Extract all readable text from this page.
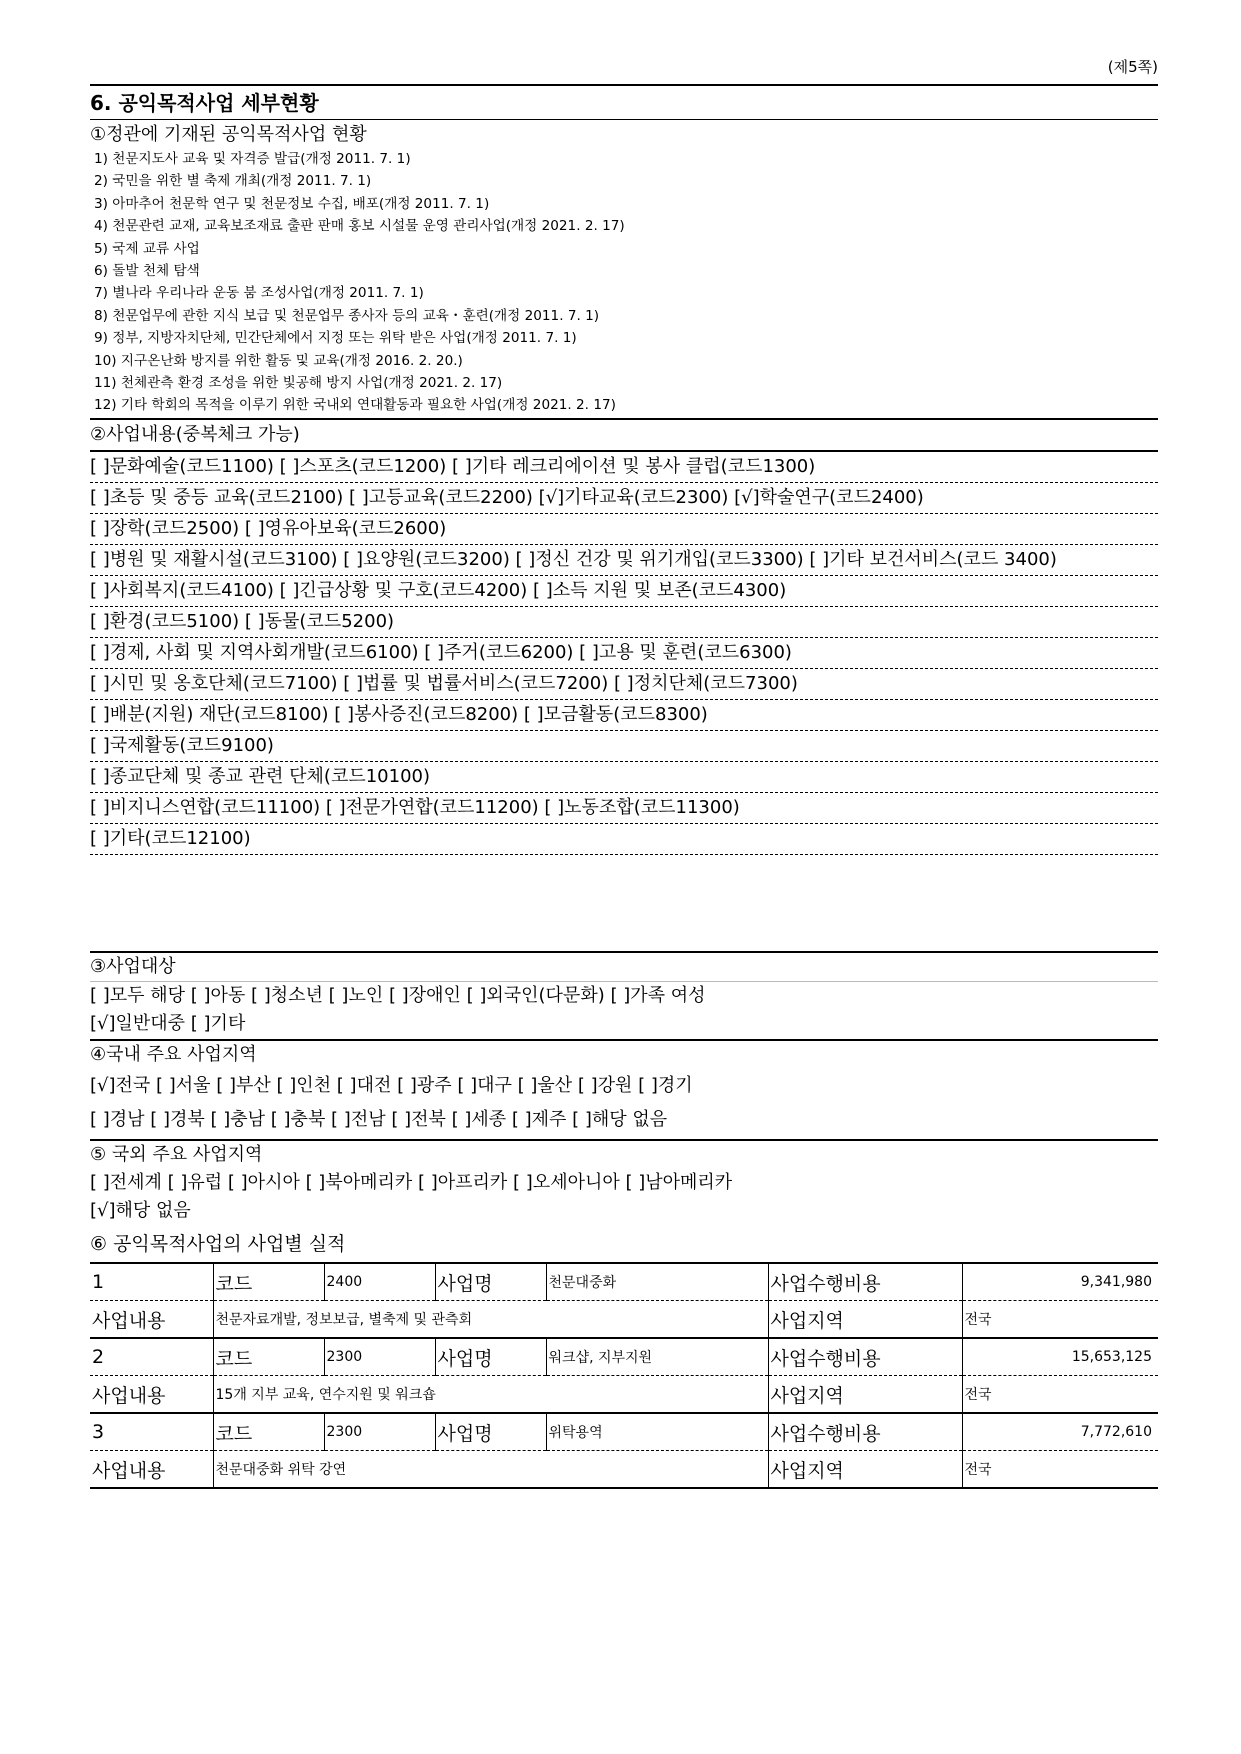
(제5쪽)
6. 공익목적사업 세부현황
①정관에 기재된 공익목적사업 현황
1) 천문지도사 교육 및 자격증 발급(개정 2011. 7. 1)
2) 국민을 위한 별 축제 개최(개정 2011. 7. 1)
3) 아마추어 천문학 연구 및 천문정보 수집, 배포(개정 2011. 7. 1)
4) 천문관련 교재, 교육보조재료 출판 판매 홍보 시설물 운영 관리사업(개정 2021. 2. 17)
5) 국제 교류 사업
6) 돌발 천체 탐색
7) 별나라 우리나라 운동 붐 조성사업(개정 2011. 7. 1)
8) 천문업무에 관한 지식 보급 및 천문업무 종사자 등의 교육・훈련(개정 2011. 7. 1)
9) 정부, 지방자치단체, 민간단체에서 지정 또는 위탁 받은 사업(개정 2011. 7. 1)
10) 지구온난화 방지를 위한 활동 및 교육(개정 2016. 2. 20.)
11) 천체관측 환경 조성을 위한 빛공해 방지 사업(개정 2021. 2. 17)
12) 기타 학회의 목적을 이루기 위한 국내외 연대활동과 필요한 사업(개정 2021. 2. 17)
②사업내용(중복체크 가능)
[ ]문화예술(코드1100) [ ]스포츠(코드1200) [ ]기타 레크리에이션 및 봉사 클럽(코드1300)
[ ]초등 및 중등 교육(코드2100) [ ]고등교육(코드2200) [√]기타교육(코드2300) [√]학술연구(코드2400)
[ ]장학(코드2500) [ ]영유아보육(코드2600)
[ ]병원 및 재활시설(코드3100) [ ]요양원(코드3200) [ ]정신 건강 및 위기개입(코드3300) [ ]기타 보건서비스(코드 3400)
[ ]사회복지(코드4100) [ ]긴급상황 및 구호(코드4200) [ ]소득 지원 및 보존(코드4300)
[ ]환경(코드5100) [ ]동물(코드5200)
[ ]경제, 사회 및 지역사회개발(코드6100) [ ]주거(코드6200) [ ]고용 및 훈련(코드6300)
[ ]시민 및 옹호단체(코드7100) [ ]법률 및 법률서비스(코드7200) [ ]정치단체(코드7300)
[ ]배분(지원) 재단(코드8100) [ ]봉사증진(코드8200) [ ]모금활동(코드8300)
[ ]국제활동(코드9100)
[ ]종교단체 및 종교 관련 단체(코드10100)
[ ]비지니스연합(코드11100) [ ]전문가연합(코드11200) [ ]노동조합(코드11300)
[ ]기타(코드12100)
③사업대상
[ ]모두 해당 [ ]아동 [ ]청소년 [ ]노인 [ ]장애인 [ ]외국인(다문화) [ ]가족 여성
[√]일반대중 [ ]기타
④국내 주요 사업지역
[√]전국 [ ]서울 [ ]부산 [ ]인천 [ ]대전 [ ]광주 [ ]대구 [ ]울산 [ ]강원 [ ]경기
[ ]경남 [ ]경북 [ ]충남 [ ]충북 [ ]전남 [ ]전북 [ ]세종 [ ]제주 [ ]해당 없음
⑤ 국외 주요 사업지역
[ ]전세계 [ ]유럽 [ ]아시아 [ ]북아메리카 [ ]아프리카 [ ]오세아니아 [ ]남아메리카
[√]해당 없음
⑥ 공익목적사업의 사업별 실적
1	코드	2400	사업명	천문대중화	사업수행비용	9,341,980
사업내용	천문자료개발, 정보보급, 별축제 및 관측회				사업지역	전국
2	코드	2300	사업명	워크샵, 지부지원	사업수행비용	15,653,125
사업내용	15개 지부 교육, 연수지원 및 워크숍				사업지역	전국
3	코드	2300	사업명	위탁용역	사업수행비용	7,772,610
사업내용	천문대중화 위탁 강연				사업지역	전국
